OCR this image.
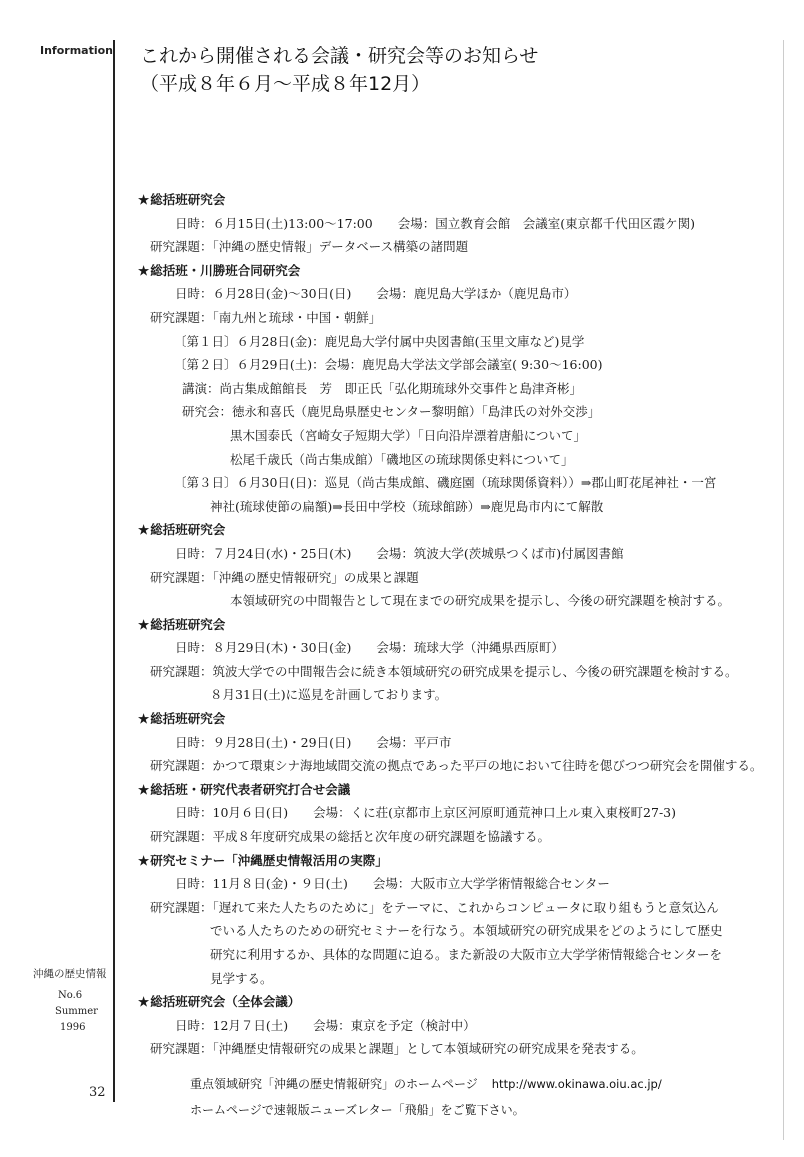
Information これから開催される会議・研究会等のお知らせ
（平成８年６月～平成８年12月）
★総括班研究会
日時：６月15日(土)13:00～17:00　　会場：国立教育会館　会議室(東京都千代田区霞ケ関)
研究課題：「沖縄の歴史情報」データベース構築の諸問題
★総括班・川勝班合同研究会
日時：６月28日(金)～30日(日)　　会場：鹿児島大学ほか（鹿児島市）
研究課題：「南九州と琉球・中国・朝鮮」
〔第１日〕６月28日(金)：鹿児島大学付属中央図書館(玉里文庫など)見学
〔第２日〕６月29日(土)：会場：鹿児島大学法文学部会議室( 9:30～16:00)
講演：尚古集成館館長　芳　即正氏「弘化期琉球外交事件と島津斉彬」
研究会：徳永和喜氏（鹿児島県歴史センター黎明館）「島津氏の対外交渉」
黒木国泰氏（宮崎女子短期大学）「日向沿岸漂着唐船について」
松尾千歳氏（尚古集成館）「磯地区の琉球関係史料について」
〔第３日〕６月30日(日)：巡見（尚古集成館、磯庭園（琉球関係資料））⇒郡山町花尾神社・一宮
神社(琉球使節の扁額)⇒長田中学校（琉球館跡）⇒鹿児島市内にて解散
★総括班研究会
日時：７月24日(水)・25日(木)　　会場：筑波大学(茨城県つくば市)付属図書館
研究課題：「沖縄の歴史情報研究」の成果と課題
本領域研究の中間報告として現在までの研究成果を提示し、今後の研究課題を検討する。
★総括班研究会
日時：８月29日(木)・30日(金)　　会場：琉球大学（沖縄県西原町）
研究課題：筑波大学での中間報告会に続き本領域研究の研究成果を提示し、今後の研究課題を検討する。
８月31日(土)に巡見を計画しております。
★総括班研究会
日時：９月28日(土)・29日(日)　　会場：平戸市
研究課題：かつて環東シナ海地域間交流の拠点であった平戸の地において往時を偲びつつ研究会を開催する。
★総括班・研究代表者研究打合せ会議
日時：10月６日(日)　　会場：くに荘(京都市上京区河原町通荒神口上ル東入東桜町27-3)
研究課題：平成８年度研究成果の総括と次年度の研究課題を協議する。
★研究セミナー「沖縄歴史情報活用の実際」
日時：11月８日(金)・９日(土)　　会場：大阪市立大学学術情報総合センター
研究課題：「遅れて来た人たちのために」をテーマに、これからコンピュータに取り組もうと意気込ん
でいる人たちのための研究セミナーを行なう。本領域研究の研究成果をどのようにして歴史
研究に利用するか、具体的な問題に迫る。また新設の大阪市立大学学術情報総合センターを
見学する。
★総括班研究会（全体会議）
日時：12月７日(土)　　会場：東京を予定（検討中）
研究課題：「沖縄歴史情報研究の成果と課題」として本領域研究の研究成果を発表する。
沖縄の歴史情報
No.6
Summer
1996
32
重点領域研究「沖縄の歴史情報研究」のホームページ http://www.okinawa.oiu.ac.jp/
ホームページで速報版ニューズレター「飛船」をご覧下さい。
